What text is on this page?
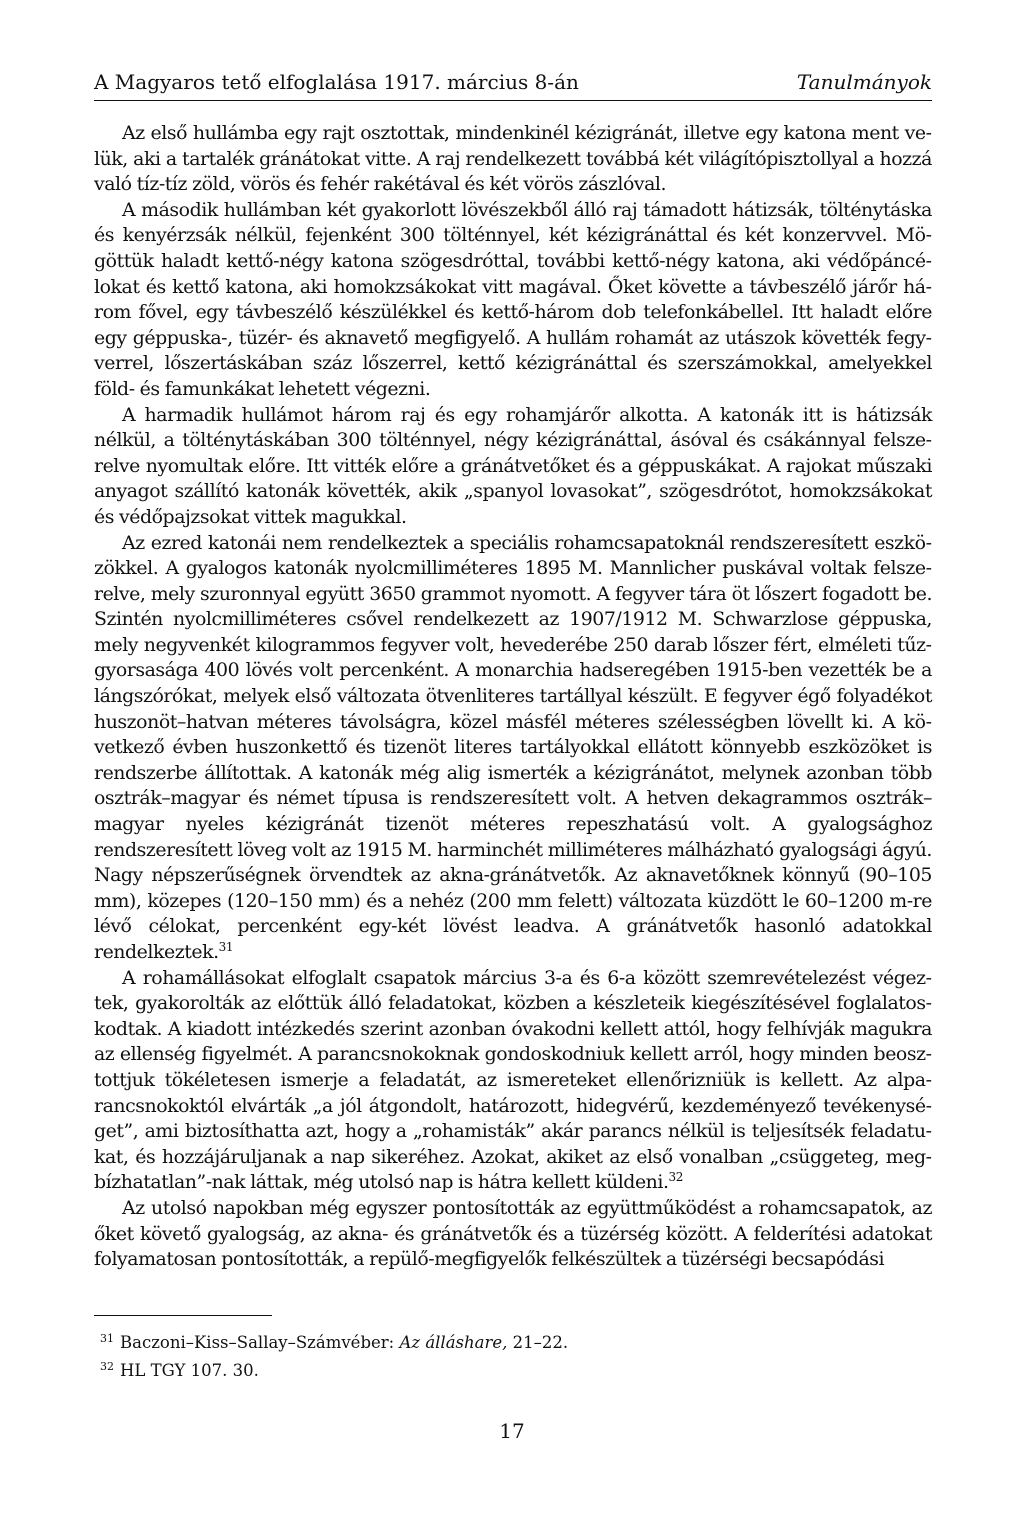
A Magyaros tető elfoglalása 1917. március 8-án	Tanulmányok

Az első hullámba egy rajt osztottak, mindenkinél kézigránát, illetve egy katona ment velük, aki a tartalék gránátokat vitte. A raj rendelkezett továbbá két világítópisztollyal a hozzá való tíz-tíz zöld, vörös és fehér rakétával és két vörös zászlóval.

A második hullámban két gyakorlott lövészekből álló raj támadott hátizsák, tölténytáska és kenyérzsák nélkül, fejenként 300 tölténnyel, két kézigránáttal és két konzervvel. Mögöttük haladt kettő-négy katona szögesdróttal, további kettő-négy katona, aki védőpáncélokat és kettő katona, aki homokzsákokat vitt magával. Őket követte a távbeszélő járőr három fővel, egy távbeszélő készülékkel és kettő-három dob telefonkábellel. Itt haladt előre egy géppuska-, tüzér- és aknavető megfigyelő. A hullám rohamát az utászok követték fegyverrel, lőszertáskában száz lőszerrel, kettő kézigránáttal és szerszámokkal, amelyekkel föld- és famunkákat lehetett végezni.

A harmadik hullámot három raj és egy rohamjárőr alkotta. A katonák itt is hátizsák nélkül, a tölténytáskában 300 tölténnyel, négy kézigránáttal, ásóval és csákánnyal felszerelve nyomultak előre. Itt vitték előre a gránátvetőket és a géppuskákat. A rajokat műszaki anyagot szállító katonák követték, akik „spanyol lovasokat”, szögesdrótot, homokzsákokat és védőpajzsokat vittek magukkal.

Az ezred katonái nem rendelkeztek a speciális rohamcsapatoknál rendszeresített eszközökkel. A gyalogos katonák nyolcmilliméteres 1895 M. Mannlicher puskával voltak felszerelve, mely szuronnyal együtt 3650 grammot nyomott. A fegyver tára öt lőszert fogadott be. Szintén nyolcmilliméteres csővel rendelkezett az 1907/1912 M. Schwarzlose géppuska, mely negyvenkét kilogrammos fegyver volt, hevederébe 250 darab lőszer fért, elméleti tűzgyorsasága 400 lövés volt percenként. A monarchia hadseregében 1915-ben vezették be a lángszórókat, melyek első változata ötvenliteres tartállyal készült. E fegyver égő folyadékot huszonöt–hatvan méteres távolságra, közel másfél méteres szélességben lövellt ki. A következő évben huszonkettő és tizenöt literes tartályokkal ellátott könnyebb eszközöket is rendszerbe állítottak. A katonák még alig ismerték a kézigránátot, melynek azonban több osztrák–magyar és német típusa is rendszeresített volt. A hetven dekagrammos osztrák–magyar nyeles kézigránát tizenöt méteres repeszhatású volt. A gyalogsághoz rendszeresített löveg volt az 1915 M. harminchét milliméteres málházható gyalogsági ágyú. Nagy népszerűségnek örvendtek az akna-gránátvetők. Az aknavetőknek könnyű (90–105 mm), közepes (120–150 mm) és a nehéz (200 mm felett) változata küzdött le 60–1200 m-re lévő célokat, percenként egy-két lövést leadva. A gránátvetők hasonló adatokkal rendelkeztek.$^{31}$

A rohamállásokat elfoglalt csapatok március 3-a és 6-a között szemrevételezést végeztek, gyakorolták az előttük álló feladatokat, közben a készleteik kiegészítésével foglalatoskodtak. A kiadott intézkedés szerint azonban óvakodni kellett attól, hogy felhívják magukra az ellenség figyelmét. A parancsnokoknak gondoskodniuk kellett arról, hogy minden beosztottjuk tökéletesen ismerje a feladatát, az ismereteket ellenőrizniük is kellett. Az alparancsnokoktól elvárták „a jól átgondolt, határozott, hidegvérű, kezdeményező tevékenységet”, ami biztosíthatta azt, hogy a „rohamisták” akár parancs nélkül is teljesítsék feladatukat, és hozzájáruljanak a nap sikeréhez. Azokat, akiket az első vonalban „csüggeteg, megbízhatatlan”-nak láttak, még utolsó nap is hátra kellett küldeni.$^{32}$

Az utolsó napokban még egyszer pontosították az együttműködést a rohamcsapatok, az őket követő gyalogság, az akna- és gránátvetők és a tüzérség között. A felderítési adatokat folyamatosan pontosították, a repülő-megfigyelők felkészültek a tüzérségi becsapódási

$^{31}$ Baczoni–Kiss–Sallay–Számvéber: Az álláshare, 21–22.
$^{32}$ HL TGY 107. 30.
17
